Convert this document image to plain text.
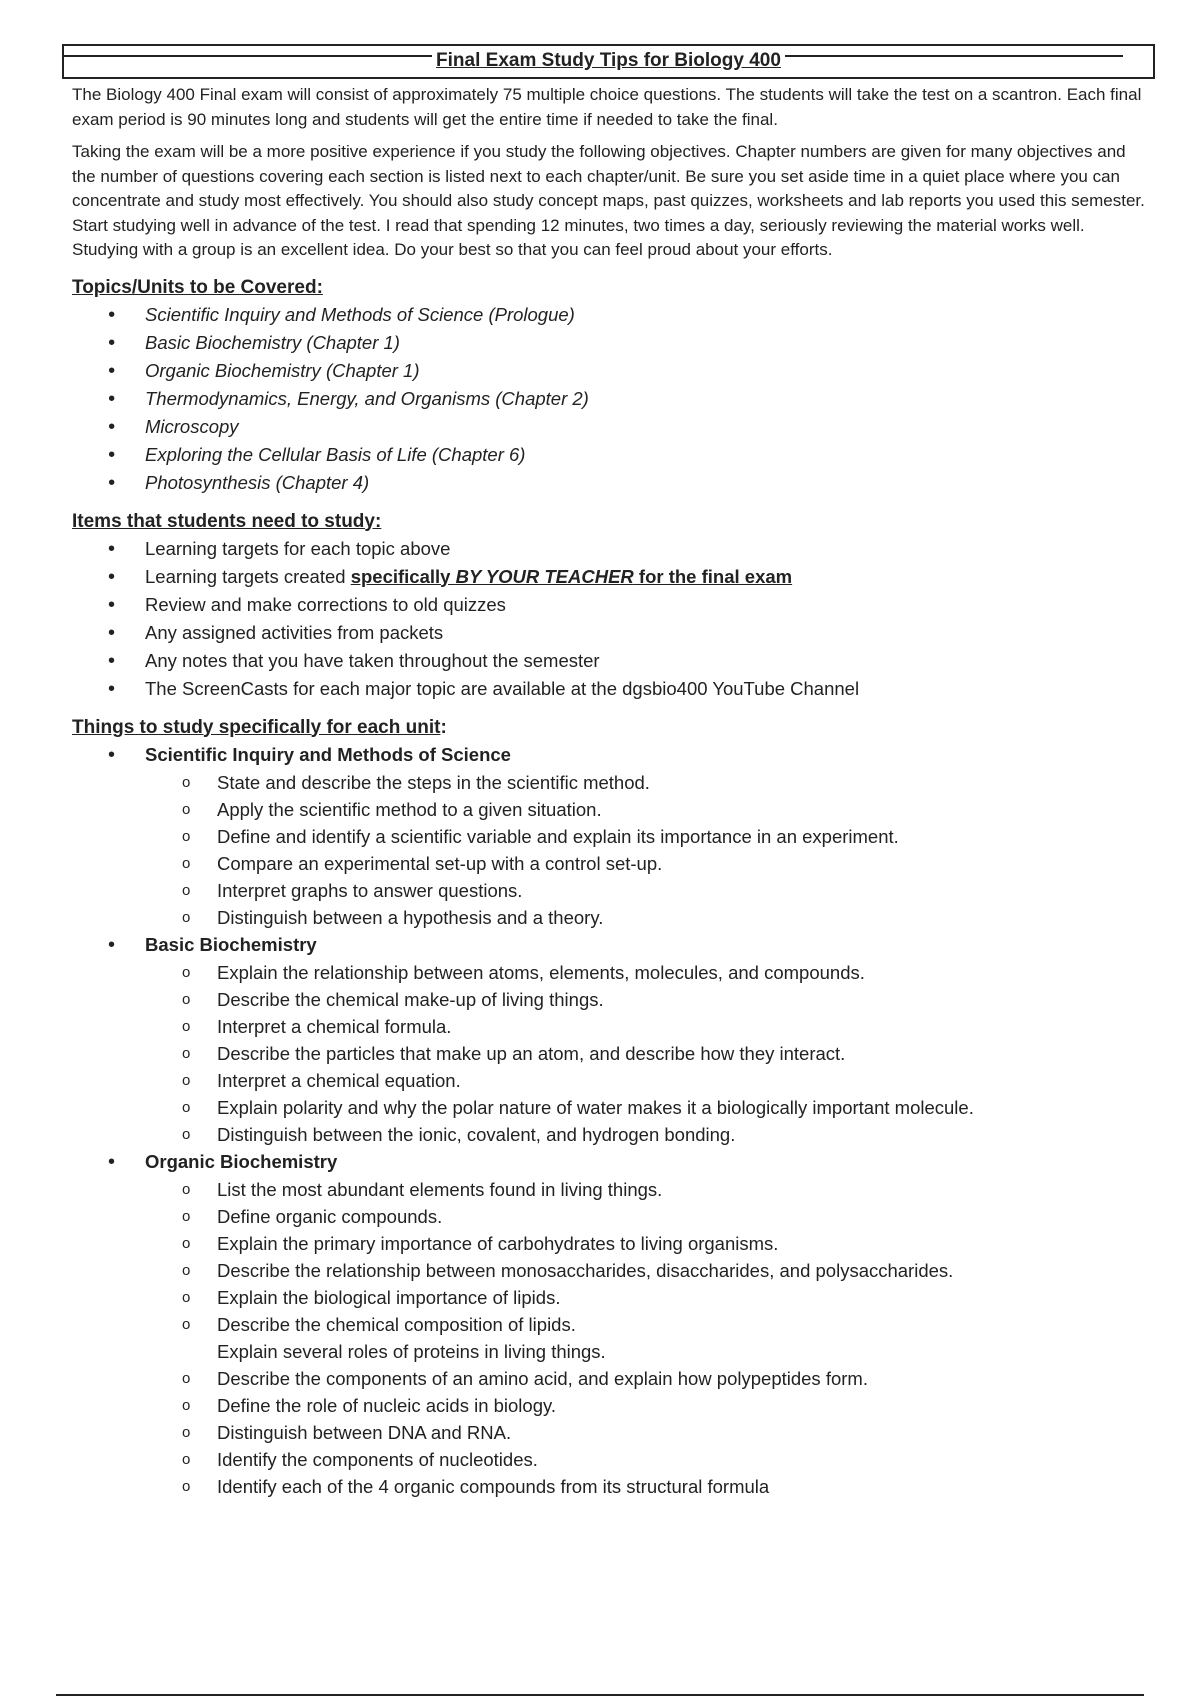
Final Exam Study Tips for Biology 400

The Biology 400 Final exam will consist of approximately 75 multiple choice questions. The students will take the test on a scantron. Each final exam period is 90 minutes long and students will get the entire time if needed to take the final.

Taking the exam will be a more positive experience if you study the following objectives. Chapter numbers are given for many objectives and the number of questions covering each section is listed next to each chapter/unit. Be sure you set aside time in a quiet place where you can concentrate and study most effectively. You should also study concept maps, past quizzes, worksheets and lab reports you used this semester. Start studying well in advance of the test. I read that spending 12 minutes, two times a day, seriously reviewing the material works well. Studying with a group is an excellent idea. Do your best so that you can feel proud about your efforts.

Topics/Units to be Covered:
• Scientific Inquiry and Methods of Science (Prologue)
• Basic Biochemistry (Chapter 1)
• Organic Biochemistry (Chapter 1)
• Thermodynamics, Energy, and Organisms (Chapter 2)
• Microscopy
• Exploring the Cellular Basis of Life (Chapter 6)
• Photosynthesis (Chapter 4)
Items that students need to study:
• Learning targets for each topic above
• Learning targets created specifically BY YOUR TEACHER for the final exam
• Review and make corrections to old quizzes
• Any assigned activities from packets
• Any notes that you have taken throughout the semester
• The ScreenCasts for each major topic are available at the dgsbio400 YouTube Channel
Things to study specifically for each unit:
• Scientific Inquiry and Methods of Science
o State and describe the steps in the scientific method.
o Apply the scientific method to a given situation.
o Define and identify a scientific variable and explain its importance in an experiment.
o Compare an experimental set-up with a control set-up.
o Interpret graphs to answer questions.
o Distinguish between a hypothesis and a theory.
• Basic Biochemistry
o Explain the relationship between atoms, elements, molecules, and compounds.
o Describe the chemical make-up of living things.
o Interpret a chemical formula.
o Describe the particles that make up an atom, and describe how they interact.
o Interpret a chemical equation.
o Explain polarity and why the polar nature of water makes it a biologically important molecule.
o Distinguish between the ionic, covalent, and hydrogen bonding.
• Organic Biochemistry
o List the most abundant elements found in living things.
o Define organic compounds.
o Explain the primary importance of carbohydrates to living organisms.
o Describe the relationship between monosaccharides, disaccharides, and polysaccharides.
o Explain the biological importance of lipids.
o Describe the chemical composition of lipids.
Explain several roles of proteins in living things.
o Describe the components of an amino acid, and explain how polypeptides form.
o Define the role of nucleic acids in biology.
o Distinguish between DNA and RNA.
o Identify the components of nucleotides.
o Identify each of the 4 organic compounds from its structural formula
